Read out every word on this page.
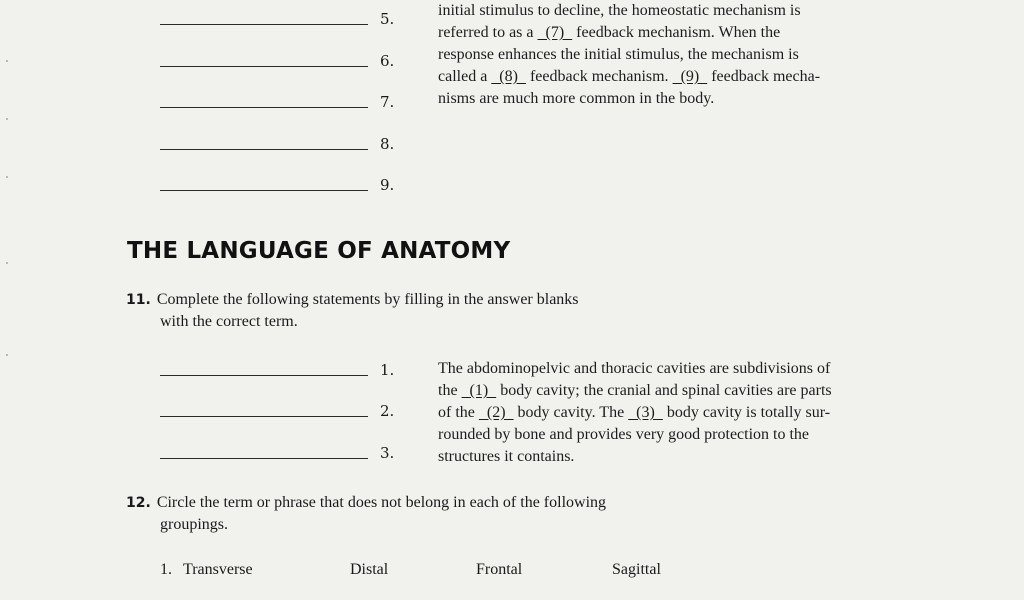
5.
6.
7.
8.
9.
initial stimulus to decline, the homeostatic mechanism is
referred to as a   (7)   feedback mechanism. When the
response enhances the initial stimulus, the mechanism is
called a   (8)   feedback mechanism.   (9)   feedback mecha-
nisms are much more common in the body.
THE LANGUAGE OF ANATOMY
11. Complete the following statements by filling in the answer blanks
with the correct term.
1.
2.
3.
The abdominopelvic and thoracic cavities are subdivisions of
the   (1)   body cavity; the cranial and spinal cavities are parts
of the   (2)   body cavity. The   (3)   body cavity is totally sur-
rounded by bone and provides very good protection to the
structures it contains.
12. Circle the term or phrase that does not belong in each of the following
groupings.
1. Transverse	Distal	Frontal	Sagittal
